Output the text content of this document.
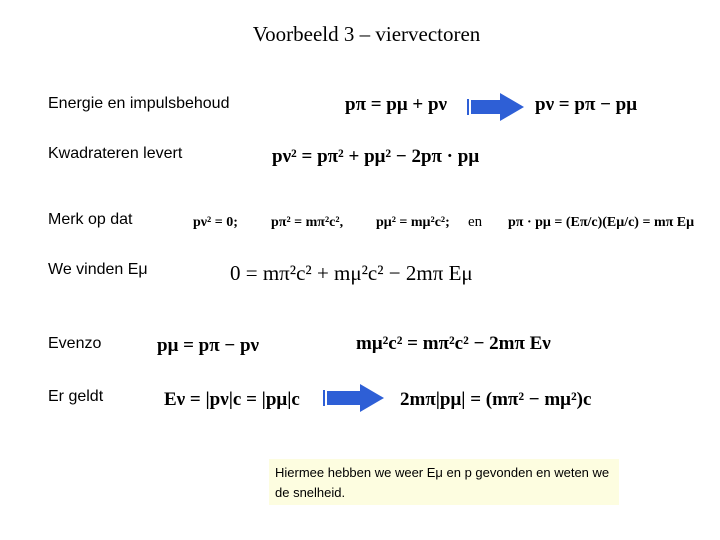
Voorbeeld 3 – viervectoren
Energie en impulsbehoud	pπ = pμ + pν	pν = pπ − pμ
Kwadrateren levert	pν² = pπ² + pμ² − 2pπ · pμ
Merk op dat	pν² = 0; pπ² = mπ²c², pμ² = mμ²c²; en pπ · pμ = (Eπ/c)(Eμ/c) = mπ Eμ
We vinden Eμ	0 = mπ²c² + mμ²c² − 2mπ Eμ
Evenzo	pμ = pπ − pν	mμ²c² = mπ²c² − 2mπ Eν
Er geldt	Eν = |pν|c = |pμ|c	2mπ|pμ| = (mπ² − mμ²)c
Hiermee hebben we weer Eμ en p gevonden en weten we de snelheid.
